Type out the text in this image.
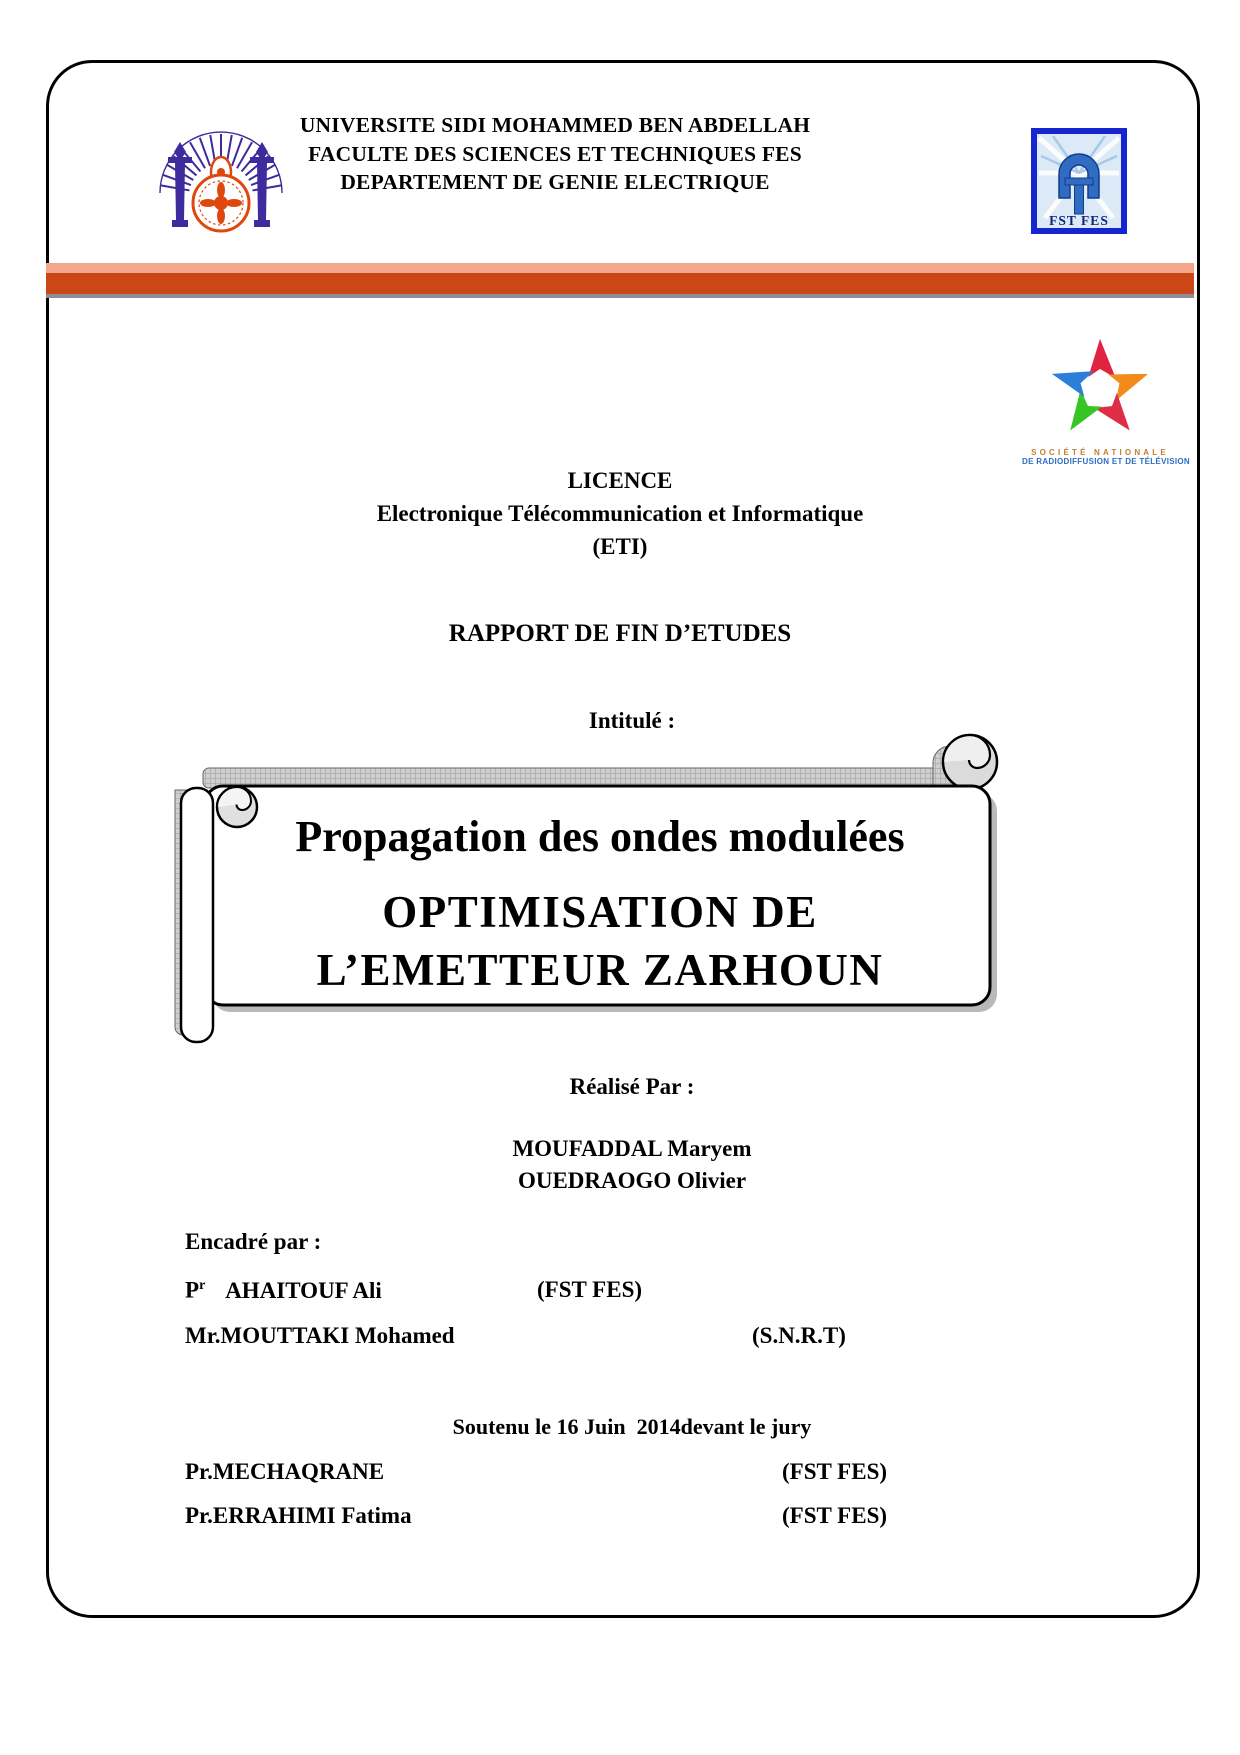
UNIVERSITE SIDI MOHAMMED BEN ABDELLAH
FACULTE DES SCIENCES ET TECHNIQUES FES
DEPARTEMENT DE GENIE ELECTRIQUE
FST FES
SOCIÉTÉ NATIONALE
DE RADIODIFFUSION ET DE TÉLÉVISION
LICENCE
Electronique Télécommunication et Informatique
(ETI)
RAPPORT DE FIN D’ETUDES
Intitulé :
Propagation des ondes modulées
OPTIMISATION DE
L’EMETTEUR ZARHOUN
Réalisé Par :
MOUFADDAL Maryem
OUEDRAOGO Olivier
Encadré par :
$P^r$ AHAITOUF Ali	(FST FES)
Mr.MOUTTAKI Mohamed	(S.N.R.T)
Soutenu le 16 Juin  2014devant le jury
Pr.MECHAQRANE	(FST FES)
Pr.ERRAHIMI Fatima	(FST FES)
